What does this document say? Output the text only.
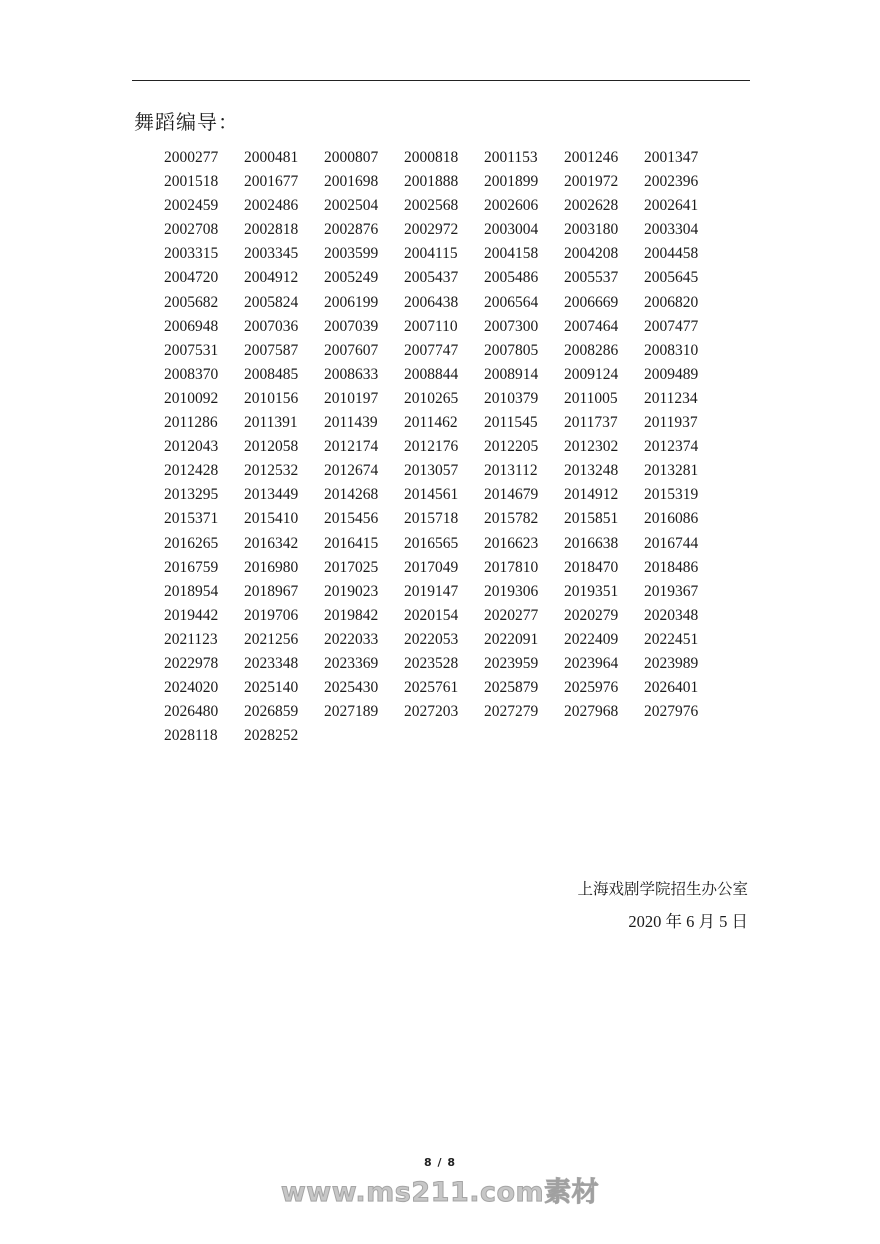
舞蹈编导：
2000277	2000481	2000807	2000818	2001153	2001246	2001347
2001518	2001677	2001698	2001888	2001899	2001972	2002396
2002459	2002486	2002504	2002568	2002606	2002628	2002641
2002708	2002818	2002876	2002972	2003004	2003180	2003304
2003315	2003345	2003599	2004115	2004158	2004208	2004458
2004720	2004912	2005249	2005437	2005486	2005537	2005645
2005682	2005824	2006199	2006438	2006564	2006669	2006820
2006948	2007036	2007039	2007110	2007300	2007464	2007477
2007531	2007587	2007607	2007747	2007805	2008286	2008310
2008370	2008485	2008633	2008844	2008914	2009124	2009489
2010092	2010156	2010197	2010265	2010379	2011005	2011234
2011286	2011391	2011439	2011462	2011545	2011737	2011937
2012043	2012058	2012174	2012176	2012205	2012302	2012374
2012428	2012532	2012674	2013057	2013112	2013248	2013281
2013295	2013449	2014268	2014561	2014679	2014912	2015319
2015371	2015410	2015456	2015718	2015782	2015851	2016086
2016265	2016342	2016415	2016565	2016623	2016638	2016744
2016759	2016980	2017025	2017049	2017810	2018470	2018486
2018954	2018967	2019023	2019147	2019306	2019351	2019367
2019442	2019706	2019842	2020154	2020277	2020279	2020348
2021123	2021256	2022033	2022053	2022091	2022409	2022451
2022978	2023348	2023369	2023528	2023959	2023964	2023989
2024020	2025140	2025430	2025761	2025879	2025976	2026401
2026480	2026859	2027189	2027203	2027279	2027968	2027976
2028118	2028252
上海戏剧学院招生办公室
2020 年 6 月 5 日
8 / 8
www.ms211.com素材
